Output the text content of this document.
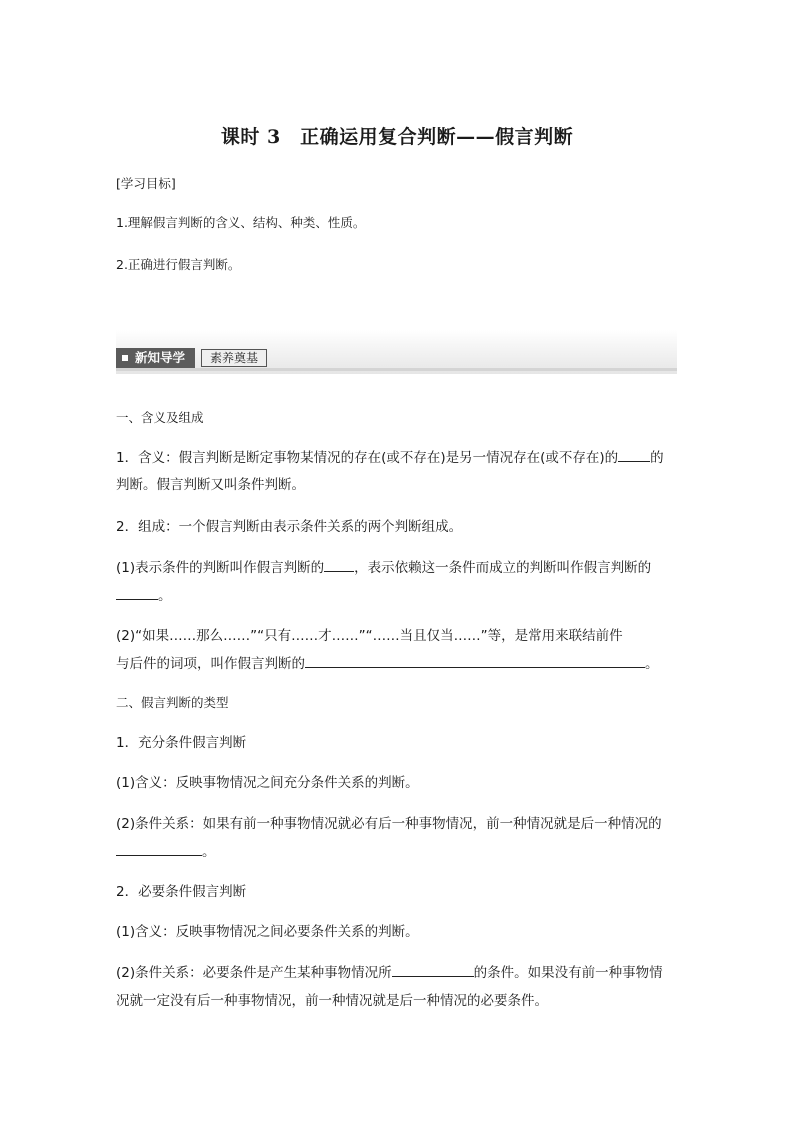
课时 3　正确运用复合判断——假言判断
[学习目标]
1.理解假言判断的含义、结构、种类、性质。
2.正确进行假言判断。
新知导学	素养奠基
一、含义及组成
1．含义：假言判断是断定事物某情况的存在(或不存在)是另一情况存在(或不存在)的 的
判断。假言判断又叫条件判断。
2．组成：一个假言判断由表示条件关系的两个判断组成。
(1)表示条件的判断叫作假言判断的 ，表示依赖这一条件而成立的判断叫作假言判断的
。
(2)“如果……那么……”“只有……才……”“……当且仅当……”等，是常用来联结前件
与后件的词项，叫作假言判断的	。
二、假言判断的类型
1．充分条件假言判断
(1)含义：反映事物情况之间充分条件关系的判断。
(2)条件关系：如果有前一种事物情况就必有后一种事物情况，前一种情况就是后一种情况的
。
2．必要条件假言判断
(1)含义：反映事物情况之间必要条件关系的判断。
(2)条件关系：必要条件是产生某种事物情况所	的条件。如果没有前一种事物情
况就一定没有后一种事物情况，前一种情况就是后一种情况的必要条件。
